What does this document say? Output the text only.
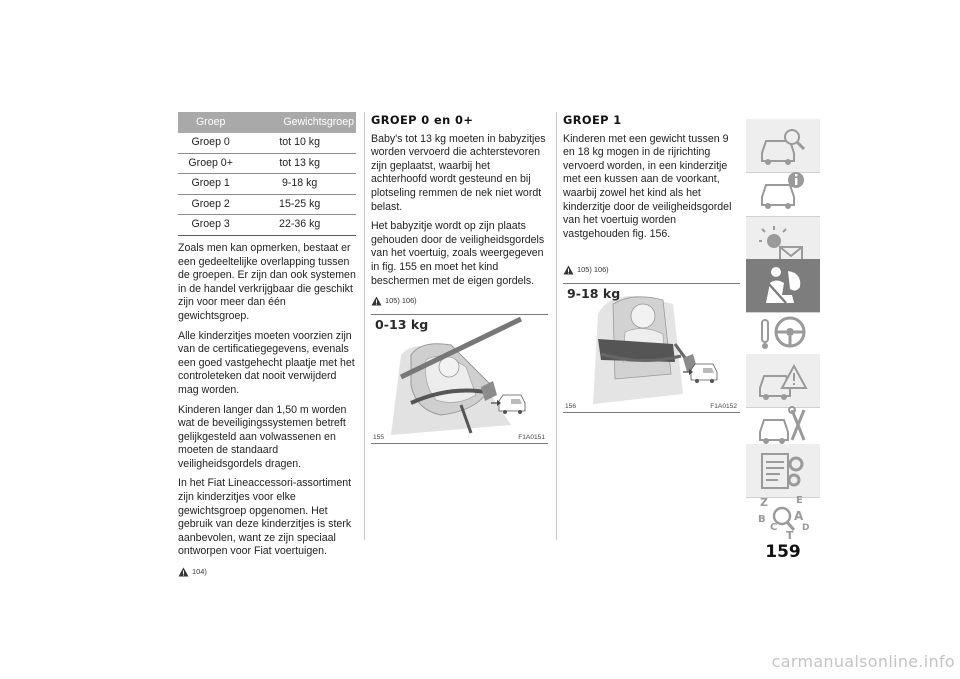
Groep	Gewichtsgroep
Groep 0	tot 10 kg
Groep 0+	tot 13 kg
Groep 1	9-18 kg
Groep 2	15-25 kg
Groep 3	22-36 kg

Zoals men kan opmerken, bestaat er een gedeeltelijke overlapping tussen de groepen. Er zijn dan ook systemen in de handel verkrijgbaar die geschikt zijn voor meer dan één gewichtsgroep.

Alle kinderzitjes moeten voorzien zijn van de certificatiegegevens, evenals een goed vastgehecht plaatje met het controleteken dat nooit verwijderd mag worden.

Kinderen langer dan 1,50 m worden wat de beveiligingssystemen betreft gelijkgesteld aan volwassenen en moeten de standaard veiligheidsgordels dragen.

In het Fiat Lineaccessori-assortiment zijn kinderzitjes voor elke gewichtsgroep opgenomen. Het gebruik van deze kinderzitjes is sterk aanbevolen, want ze zijn speciaal ontworpen voor Fiat voertuigen.

104)
GROEP 0 en 0+

Baby's tot 13 kg moeten in babyzitjes worden vervoerd die achterstevoren zijn geplaatst, waarbij het achterhoofd wordt gesteund en bij plotseling remmen de nek niet wordt belast.

Het babyzitje wordt op zijn plaats gehouden door de veiligheidsgordels van het voertuig, zoals weergegeven in fig. 155 en moet het kind beschermen met de eigen gordels.

105) 106)
0-13 kg
155	F1A0151
GROEP 1

Kinderen met een gewicht tussen 9 en 18 kg mogen in de rijrichting vervoerd worden, in een kinderzitje met een kussen aan de voorkant, waarbij zowel het kind als het kinderzitje door de veiligheidsgordel van het voertuig worden vastgehouden fig. 156.

105) 106)
9-18 kg
156	F1A0152
Z	E
B A
C	D
T
159
carmanualsonline.info
